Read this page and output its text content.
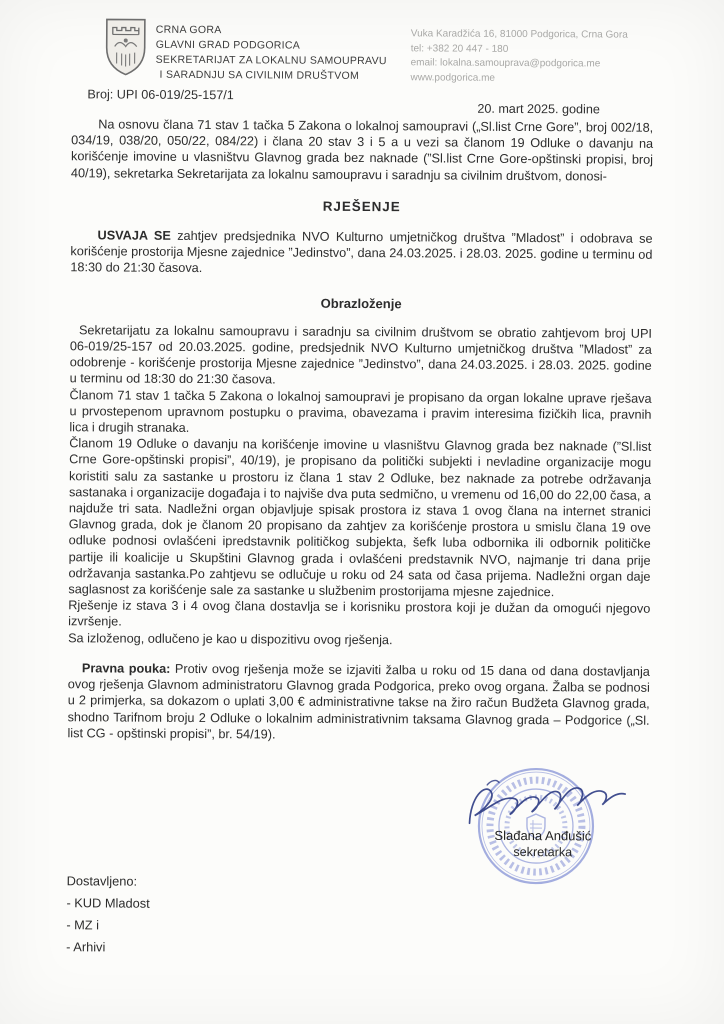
CRNA GORA
GLAVNI GRAD PODGORICA
SEKRETARIJAT ZA LOKALNU SAMOUPRAVU
I SARADNJU SA CIVILNIM DRUŠTVOM
Vuka Karadžića 16, 81000 Podgorica, Crna Gora
tel: +382 20 447 - 180
email: lokalna.samouprava@podgorica.me
www.podgorica.me
Broj: UPI 06-019/25-157/1
20. mart 2025. godine

Na osnovu člana 71 stav 1 tačka 5 Zakona o lokalnoj samoupravi („Sl.list Crne Gore”, broj 002/18, 034/19, 038/20, 050/22, 084/22) i člana 20 stav 3 i 5 a u vezi sa članom 19 Odluke o davanju na korišćenje imovine u vlasništvu Glavnog grada bez naknade (”Sl.list Crne Gore-opštinski propisi, broj 40/19), sekretarka Sekretarijata za lokalnu samoupravu i saradnju sa civilnim društvom, donosi-

RJEŠENJE

USVAJA SE zahtjev predsjednika NVO Kulturno umjetničkog društva ”Mladost” i odobrava se korišćenje prostorija Mjesne zajednice ”Jedinstvo”, dana 24.03.2025. i 28.03. 2025. godine u terminu od 18:30 do 21:30 časova.

Obrazloženje

Sekretarijatu za lokalnu samoupravu i saradnju sa civilnim društvom se obratio zahtjevom broj UPI 06-019/25-157 od 20.03.2025. godine, predsjednik NVO Kulturno umjetničkog društva ”Mladost” za odobrenje - korišćenje prostorija Mjesne zajednice ”Jedinstvo”, dana 24.03.2025. i 28.03. 2025. godine u terminu od 18:30 do 21:30 časova.

Članom 71 stav 1 tačka 5 Zakona o lokalnoj samoupravi je propisano da organ lokalne uprave rješava u prvostepenom upravnom postupku o pravima, obavezama i pravim interesima fizičkih lica, pravnih lica i drugih stranaka.

Članom 19 Odluke o davanju na korišćenje imovine u vlasništvu Glavnog grada bez naknade (”Sl.list Crne Gore-opštinski propisi”, 40/19), je propisano da politički subjekti i nevladine organizacije mogu koristiti salu za sastanke u prostoru iz člana 1 stav 2 Odluke, bez naknade za potrebe održavanja sastanaka i organizacije događaja i to najviše dva puta sedmično, u vremenu od 16,00 do 22,00 časa, a najduže tri sata. Nadležni organ objavljuje spisak prostora iz stava 1 ovog člana na internet stranici Glavnog grada, dok je članom 20 propisano da zahtjev za korišćenje prostora u smislu člana 19 ove odluke podnosi ovlašćeni ipredstavnik političkog subjekta, šefk luba odbornika ili odbornik političke partije ili koalicije u Skupštini Glavnog grada i ovlašćeni predstavnik NVO, najmanje tri dana prije održavanja sastanka.Po zahtjevu se odlučuje u roku od 24 sata od časa prijema. Nadležni organ daje saglasnost za korišćenje sale za sastanke u službenim prostorijama mjesne zajednice.

Rješenje iz stava 3 i 4 ovog člana dostavlja se i korisniku prostora koji je dužan da omogući njegovo izvršenje.

Sa izloženog, odlučeno je kao u dispozitivu ovog rješenja.

Pravna pouka: Protiv ovog rješenja može se izjaviti žalba u roku od 15 dana od dana dostavljanja ovog rješenja Glavnom administratoru Glavnog grada Podgorica, preko ovog organa. Žalba se podnosi u 2 primjerka, sa dokazom o uplati 3,00 € administrativne takse na žiro račun Budžeta Glavnog grada, shodno Tarifnom broju 2 Odluke o lokalnim administrativnim taksama Glavnog grada – Podgorice („Sl. list CG - opštinski propisi”, br. 54/19).

Slađana Anđušić
sekretarka
Dostavljeno:
- KUD Mladost
- MZ i
- Arhivi
